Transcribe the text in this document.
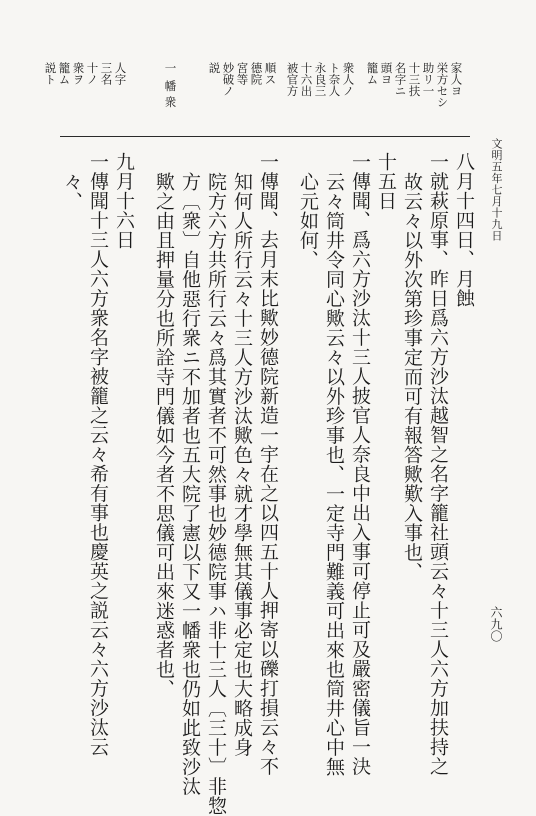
文明五年七月十九日
六九〇
家人ヨ
栄方セシ
助リ一
十三扶
名字ニ
頭ヨ
籠ム
衆人ノ
ト奈人
永良三
十六出
被官方
順ス
德院
宮等
妙破ノ
説
一
幡
衆
十ノ 三名 人字
衆ヲ
籠ム
説ト
八月十四日、月蝕
一就萩原事、昨日爲六方沙汰越智之名字籠社頭云々十三人六方加扶持之
故云々以外次第珍事定而可有報答歟歎入事也、
十五日
一傳聞、爲六方沙汰十三人披官人奈良中出入事可停止可及嚴密儀旨一決
云々筒井令同心歟云々以外珍事也、一定寺門難義可出來也筒井心中無
心元如何、
一傳聞、去月末比歟妙德院新造一宇在之以四五十人押寄以礫打損云々不
知何人所行云々十三人方沙汰歟色々就才學無其儀事必定也大略成身
院方六方共所行云々爲其實者不可然事也妙德院事ハ非十三人〔三十〕非惣
方〔衆〕自他惡行衆ニ不加者也五大院了憲以下又一幡衆也仍如此致沙汰
歟之由且押量分也所詮寺門儀如今者不思儀可出來迷惑者也、
九月十六日
一傳聞十三人六方衆名字被籠之云々希有事也慶英之説云々六方沙汰云
々、
